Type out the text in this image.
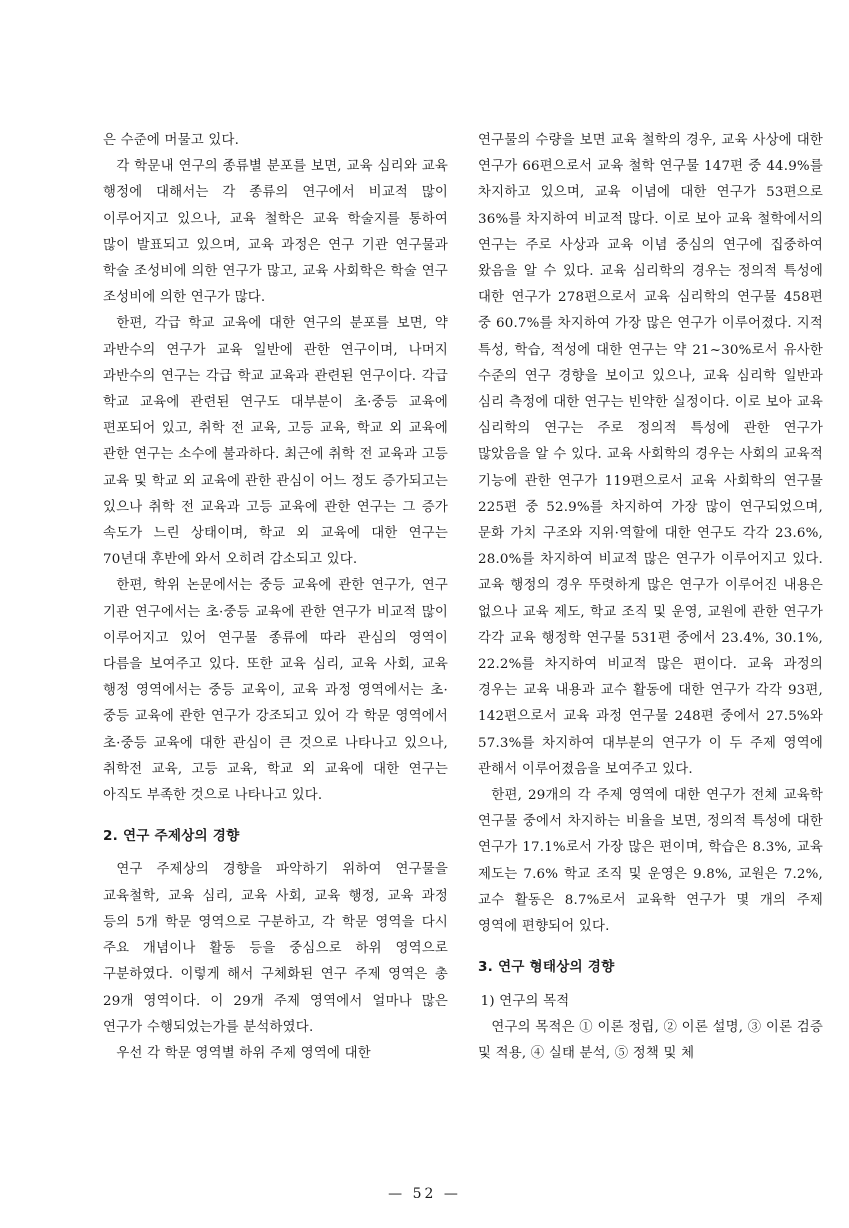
은 수준에 머물고 있다.

각 학문내 연구의 종류별 분포를 보면, 교육 심리와 교육 행정에 대해서는 각 종류의 연구에서 비교적 많이 이루어지고 있으나, 교육 철학은 교육 학술지를 통하여 많이 발표되고 있으며, 교육 과정은 연구 기관 연구물과 학술 조성비에 의한 연구가 많고, 교육 사회학은 학술 연구 조성비에 의한 연구가 많다.

한편, 각급 학교 교육에 대한 연구의 분포를 보면, 약 과반수의 연구가 교육 일반에 관한 연구이며, 나머지 과반수의 연구는 각급 학교 교육과 관련된 연구이다. 각급 학교 교육에 관련된 연구도 대부분이 초·중등 교육에 편포되어 있고, 취학 전 교육, 고등 교육, 학교 외 교육에 관한 연구는 소수에 불과하다. 최근에 취학 전 교육과 고등 교육 및 학교 외 교육에 관한 관심이 어느 정도 증가되고는 있으나 취학 전 교육과 고등 교육에 관한 연구는 그 증가 속도가 느린 상태이며, 학교 외 교육에 대한 연구는 70년대 후반에 와서 오히려 감소되고 있다.

한편, 학위 논문에서는 중등 교육에 관한 연구가, 연구 기관 연구에서는 초·중등 교육에 관한 연구가 비교적 많이 이루어지고 있어 연구물 종류에 따라 관심의 영역이 다름을 보여주고 있다. 또한 교육 심리, 교육 사회, 교육 행정 영역에서는 중등 교육이, 교육 과정 영역에서는 초·중등 교육에 관한 연구가 강조되고 있어 각 학문 영역에서 초·중등 교육에 대한 관심이 큰 것으로 나타나고 있으나, 취학전 교육, 고등 교육, 학교 외 교육에 대한 연구는 아직도 부족한 것으로 나타나고 있다.

2. 연구 주제상의 경향

연구 주제상의 경향을 파악하기 위하여 연구물을 교육철학, 교육 심리, 교육 사회, 교육 행정, 교육 과정 등의 5개 학문 영역으로 구분하고, 각 학문 영역을 다시 주요 개념이나 활동 등을 중심으로 하위 영역으로 구분하였다. 이렇게 해서 구체화된 연구 주제 영역은 총 29개 영역이다. 이 29개 주제 영역에서 얼마나 많은 연구가 수행되었는가를 분석하였다.

우선 각 학문 영역별 하위 주제 영역에 대한

연구물의 수량을 보면 교육 철학의 경우, 교육 사상에 대한 연구가 66편으로서 교육 철학 연구물 147편 중 44.9%를 차지하고 있으며, 교육 이념에 대한 연구가 53편으로 36%를 차지하여 비교적 많다. 이로 보아 교육 철학에서의 연구는 주로 사상과 교육 이념 중심의 연구에 집중하여 왔음을 알 수 있다. 교육 심리학의 경우는 정의적 특성에 대한 연구가 278편으로서 교육 심리학의 연구물 458편 중 60.7%를 차지하여 가장 많은 연구가 이루어졌다. 지적 특성, 학습, 적성에 대한 연구는 약 21~30%로서 유사한 수준의 연구 경향을 보이고 있으나, 교육 심리학 일반과 심리 측정에 대한 연구는 빈약한 실정이다. 이로 보아 교육 심리학의 연구는 주로 정의적 특성에 관한 연구가 많았음을 알 수 있다. 교육 사회학의 경우는 사회의 교육적 기능에 관한 연구가 119편으로서 교육 사회학의 연구물 225편 중 52.9%를 차지하여 가장 많이 연구되었으며, 문화 가치 구조와 지위·역할에 대한 연구도 각각 23.6%, 28.0%를 차지하여 비교적 많은 연구가 이루어지고 있다. 교육 행정의 경우 뚜렷하게 많은 연구가 이루어진 내용은 없으나 교육 제도, 학교 조직 및 운영, 교원에 관한 연구가 각각 교육 행정학 연구물 531편 중에서 23.4%, 30.1%, 22.2%를 차지하여 비교적 많은 편이다. 교육 과정의 경우는 교육 내용과 교수 활동에 대한 연구가 각각 93편, 142편으로서 교육 과정 연구물 248편 중에서 27.5%와 57.3%를 차지하여 대부분의 연구가 이 두 주제 영역에 관해서 이루어졌음을 보여주고 있다.

한편, 29개의 각 주제 영역에 대한 연구가 전체 교육학 연구물 중에서 차지하는 비율을 보면, 정의적 특성에 대한 연구가 17.1%로서 가장 많은 편이며, 학습은 8.3%, 교육 제도는 7.6% 학교 조직 및 운영은 9.8%, 교원은 7.2%, 교수 활동은 8.7%로서 교육학 연구가 몇 개의 주제 영역에 편향되어 있다.

3. 연구 형태상의 경향

1) 연구의 목적

연구의 목적은 ① 이론 정립, ② 이론 설명, ③ 이론 검증 및 적용, ④ 실태 분석, ⑤ 정책 및 체

— 52 —
